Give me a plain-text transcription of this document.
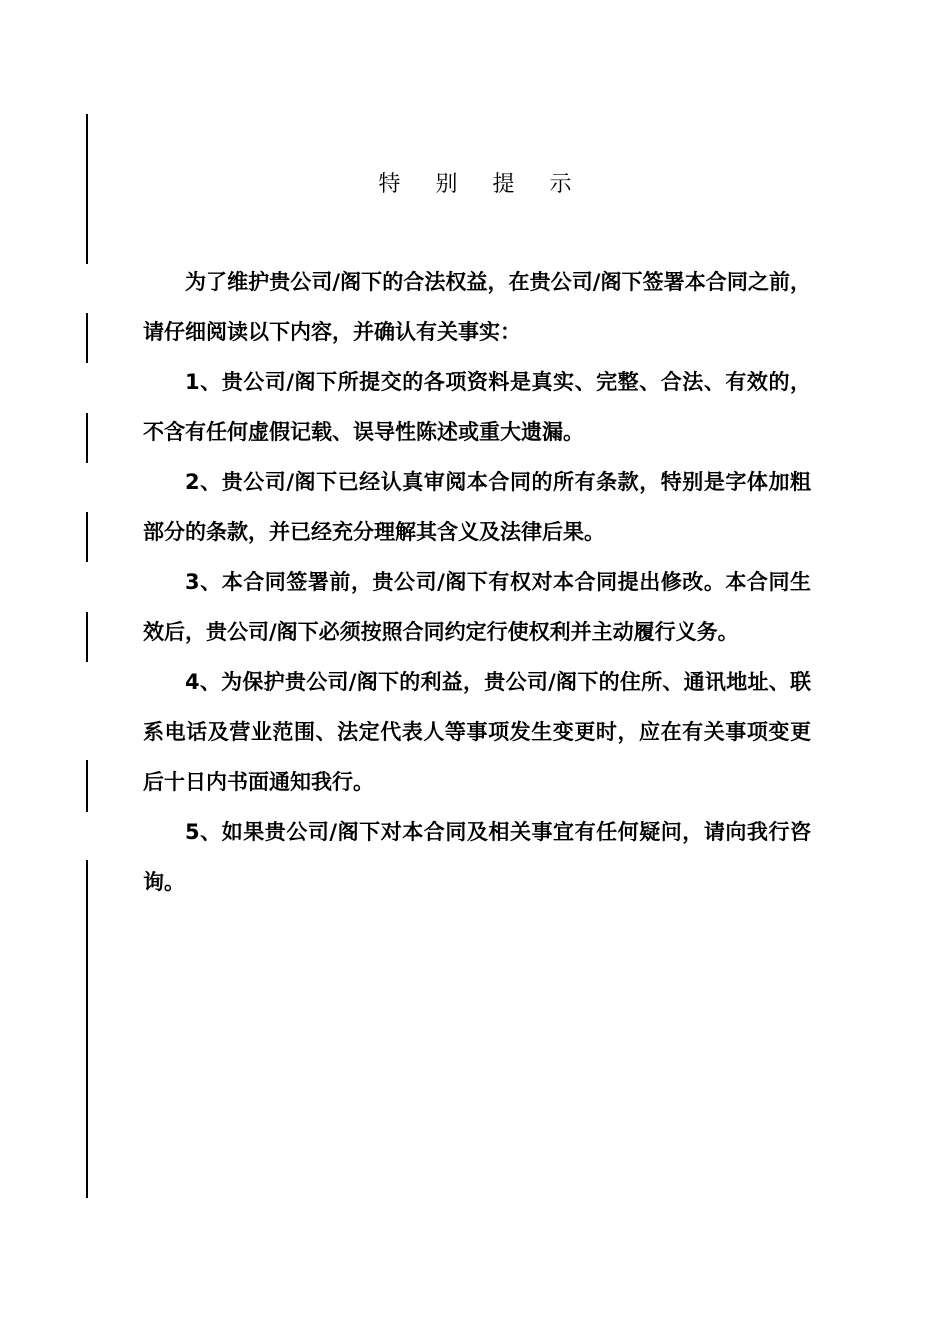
特 别 提 示

为了维护贵公司/阁下的合法权益，在贵公司/阁下签署本合同之前，请仔细阅读以下内容，并确认有关事实：

1、贵公司/阁下所提交的各项资料是真实、完整、合法、有效的，不含有任何虚假记载、误导性陈述或重大遗漏。

2、贵公司/阁下已经认真审阅本合同的所有条款，特别是字体加粗部分的条款，并已经充分理解其含义及法律后果。

3、本合同签署前，贵公司/阁下有权对本合同提出修改。本合同生效后，贵公司/阁下必须按照合同约定行使权利并主动履行义务。

4、为保护贵公司/阁下的利益，贵公司/阁下的住所、通讯地址、联系电话及营业范围、法定代表人等事项发生变更时，应在有关事项变更后十日内书面通知我行。

5、如果贵公司/阁下对本合同及相关事宜有任何疑问，请向我行咨询。
